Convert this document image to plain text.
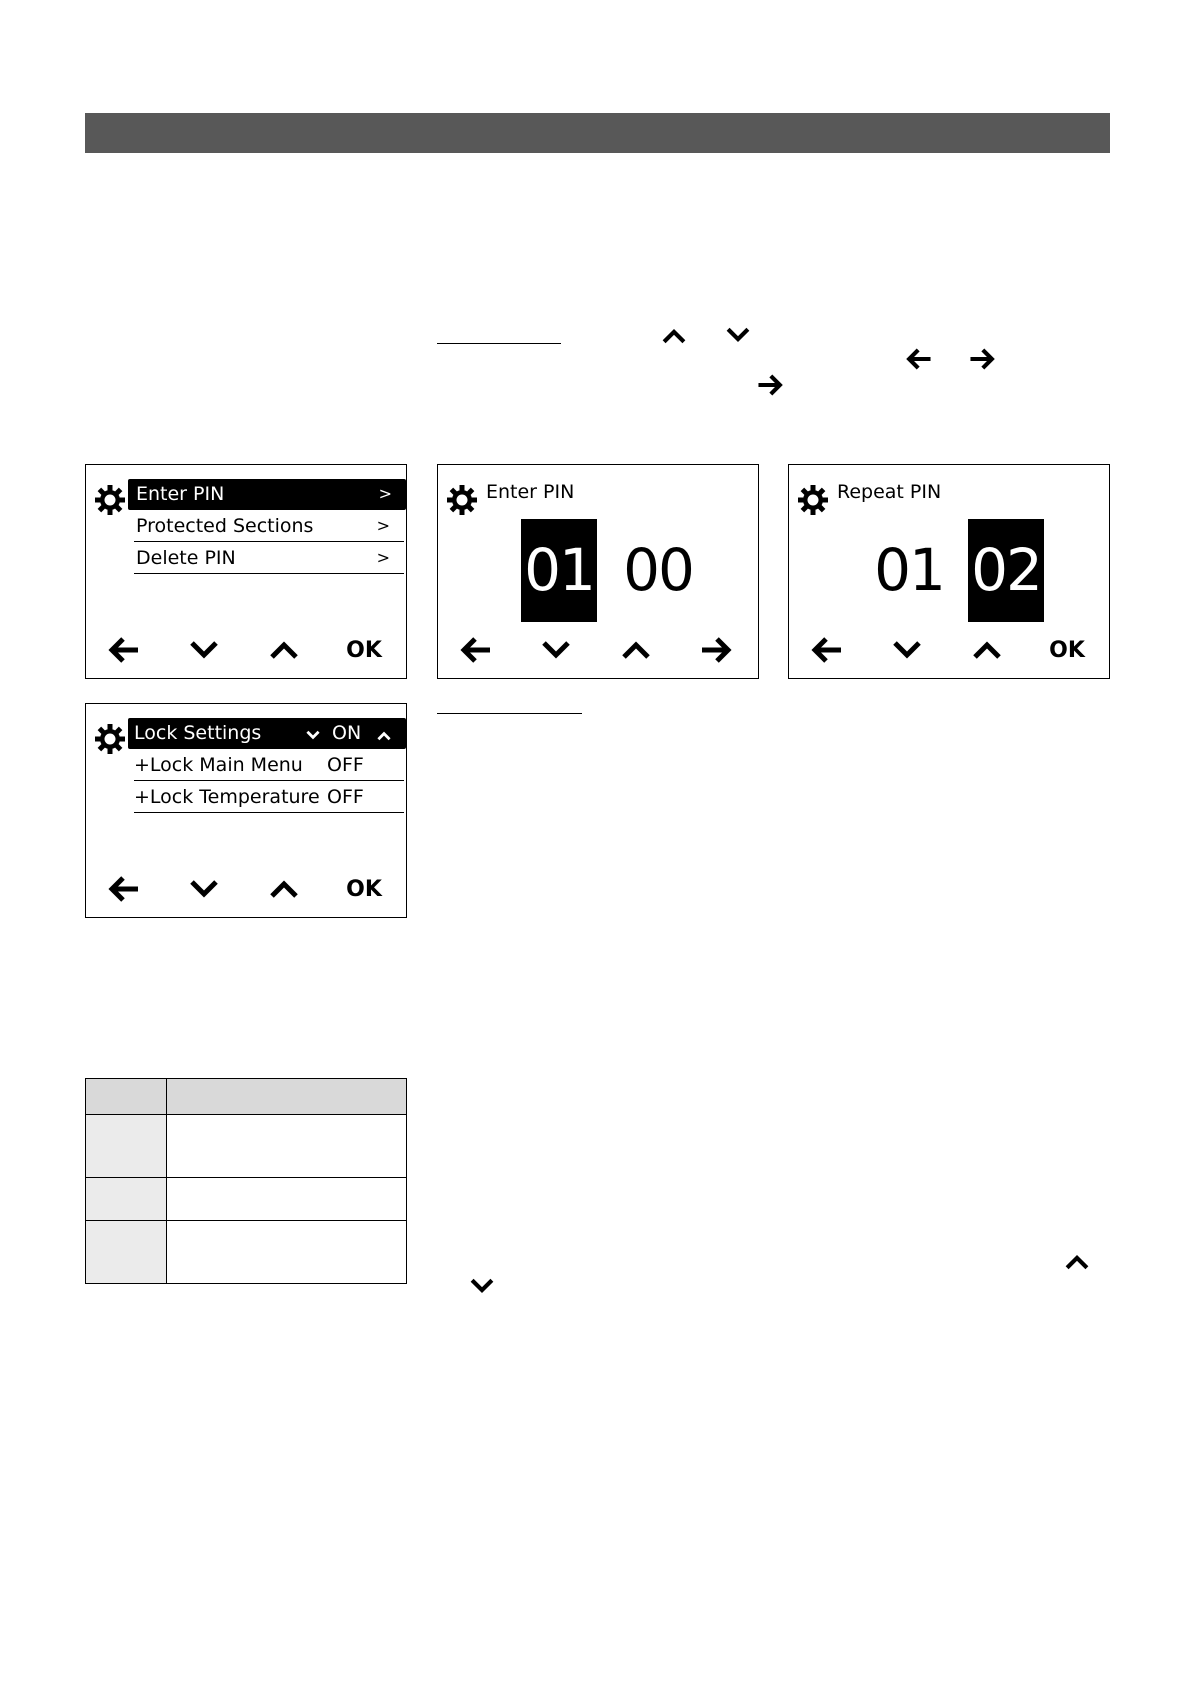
Enter PIN	>
Protected Sections	>
Delete PIN	>
OK
Enter PIN
01 00
Repeat PIN
01 02
OK
Lock Settings	ON
+Lock Main Menu OFF
+Lock Temperature OFF
OK
